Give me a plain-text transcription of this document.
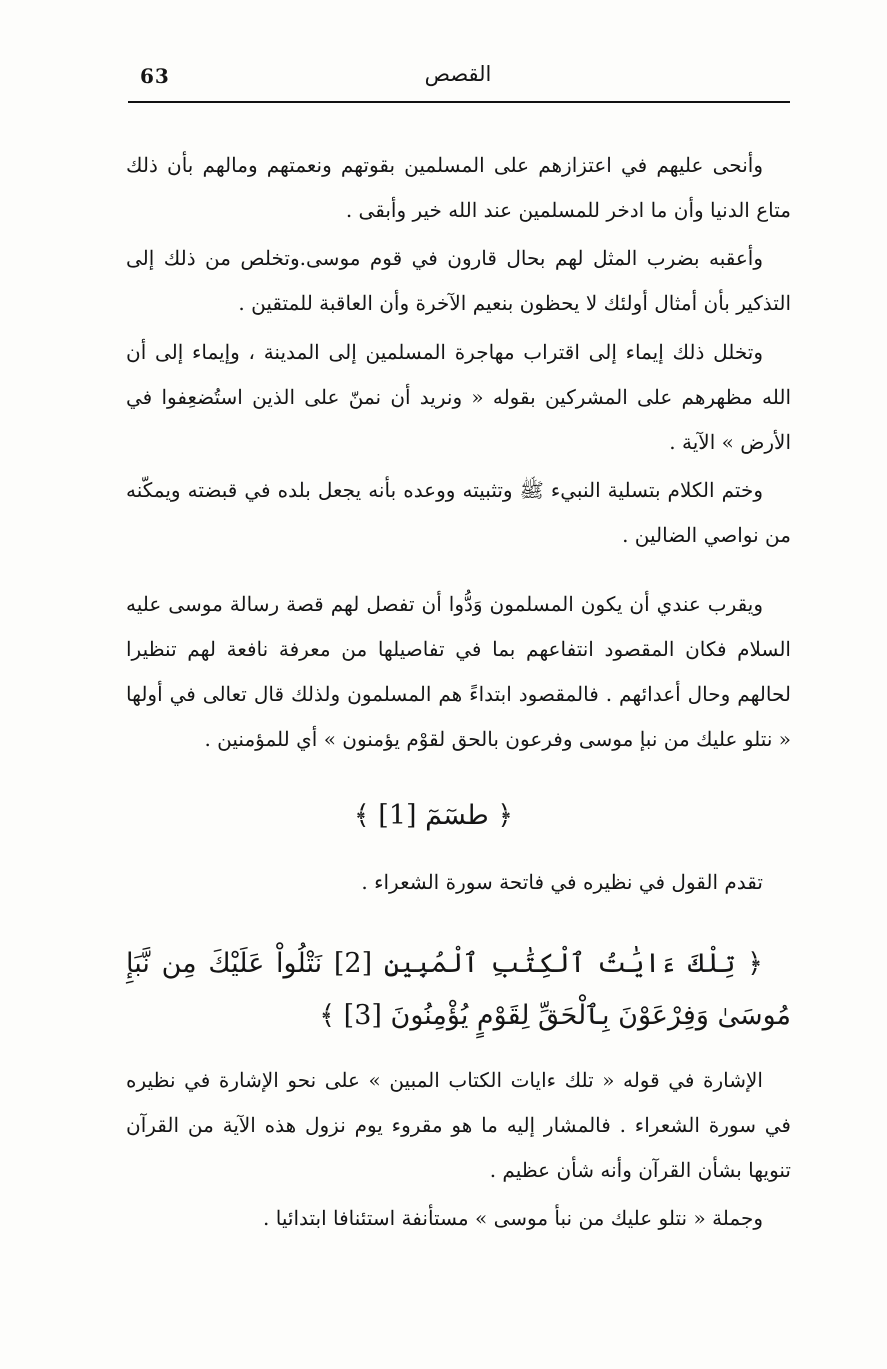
63	القصص

وأنحى عليهم في اعتزازهم على المسلمين بقوتهم ونعمتهم ومالهم بأن ذلك متاع الدنيا وأن ما ادخر للمسلمين عند الله خير وأبقى .

وأعقبه بضرب المثل لهم بحال قارون في قوم موسى.وتخلص من ذلك إلى التذكير بأن أمثال أولئك لا يحظون بنعيم الآخرة وأن العاقبة للمتقين .

وتخلل ذلك إيماء إلى اقتراب مهاجرة المسلمين إلى المدينة ، وإيماء إلى أن الله مظهرهم على المشركين بقوله « ونريد أن نمنّ على الذين استُضعِفوا في الأرض » الآية .

وختم الكلام بتسلية النبيء ﷺ وتثبيته ووعده بأنه يجعل بلده في قبضته ويمكّنه من نواصي الضالين .

ويقرب عندي أن يكون المسلمون وَدُّوا أن تفصل لهم قصة رسالة موسى عليه السلام فكان المقصود انتفاعهم بما في تفاصيلها من معرفة نافعة لهم تنظيرا لحالهم وحال أعدائهم . فالمقصود ابتداءً هم المسلمون ولذلك قال تعالى في أولها « نتلو عليك من نبإ موسى وفرعون بالحق لقوْم يؤمنون » أي للمؤمنين .

﴿ طسٓمٓ [1] ﴾

تقدم القول في نظيره في فاتحة سورة الشعراء .

﴿ تِلْكَ ءَايَٰتُ ٱلْكِتَٰبِ ٱلْمُبِينِ [2] نَتْلُواْ عَلَيْكَ مِن نَّبَإِ مُوسَىٰ وَفِرْعَوْنَ بِٱلْحَقِّ لِقَوْمٍ يُؤْمِنُونَ [3] ﴾

الإشارة في قوله « تلك ءايات الكتاب المبين » على نحو الإشارة في نظيره في سورة الشعراء . فالمشار إليه ما هو مقروء يوم نزول هذه الآية من القرآن تنويها بشأن القرآن وأنه شأن عظيم .

وجملة « نتلو عليك من نبأ موسى » مستأنفة استئنافا ابتدائيا .
